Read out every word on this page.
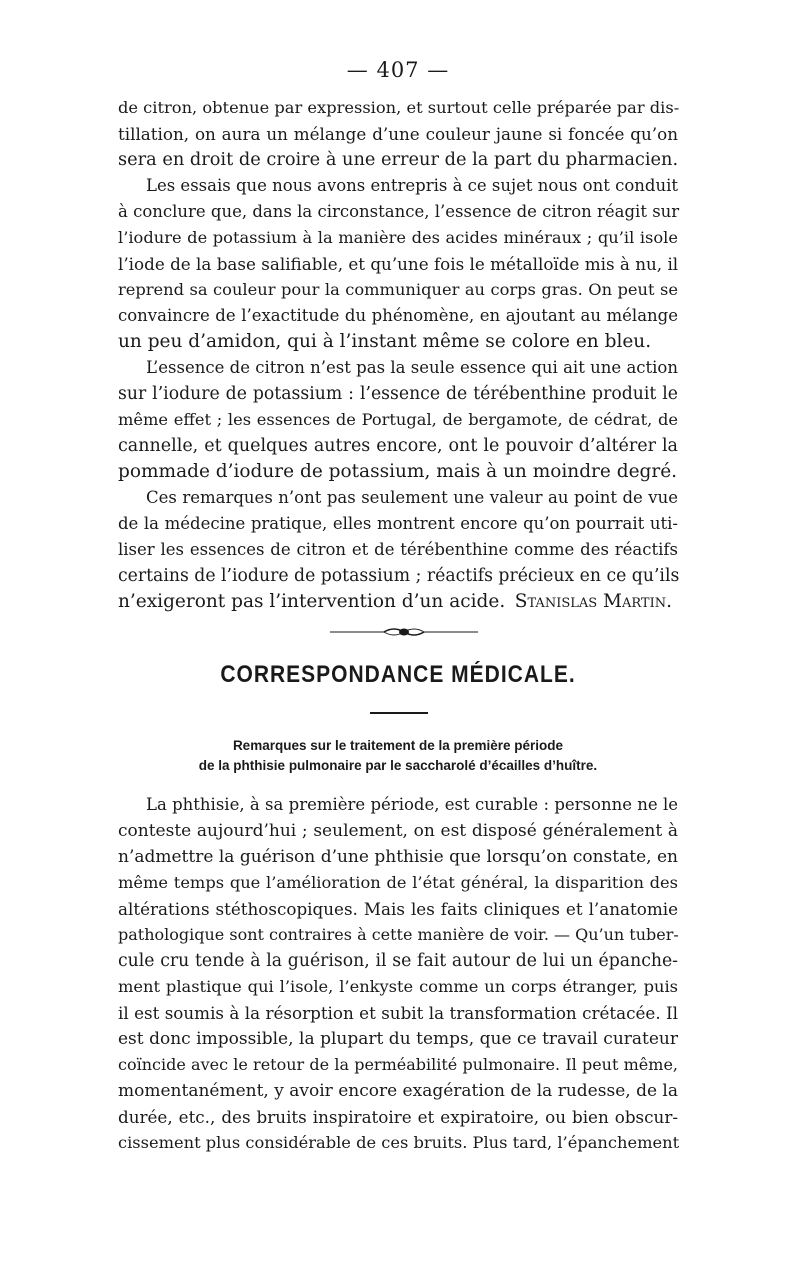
— 407 —
de citron, obtenue par expression, et surtout celle préparée par dis-
tillation, on aura un mélange d’une couleur jaune si foncée qu’on
sera en droit de croire à une erreur de la part du pharmacien.
Les essais que nous avons entrepris à ce sujet nous ont conduit
à conclure que, dans la circonstance, l’essence de citron réagit sur
l’iodure de potassium à la manière des acides minéraux ; qu’il isole
l’iode de la base salifiable, et qu’une fois le métalloïde mis à nu, il
reprend sa couleur pour la communiquer au corps gras. On peut se
convaincre de l’exactitude du phénomène, en ajoutant au mélange
un peu d’amidon, qui à l’instant même se colore en bleu.
L’essence de citron n’est pas la seule essence qui ait une action
sur l’iodure de potassium : l’essence de térébenthine produit le
même effet ; les essences de Portugal, de bergamote, de cédrat, de
cannelle, et quelques autres encore, ont le pouvoir d’altérer la
pommade d’iodure de potassium, mais à un moindre degré.
Ces remarques n’ont pas seulement une valeur au point de vue
de la médecine pratique, elles montrent encore qu’on pourrait uti-
liser les essences de citron et de térébenthine comme des réactifs
certains de l’iodure de potassium ; réactifs précieux en ce qu’ils
n’exigeront pas l’intervention d’un acide. Stanislas Martin.
CORRESPONDANCE MÉDICALE.
Remarques sur le traitement de la première période
de la phthisie pulmonaire par le saccharolé d’écailles d’huître.
La phthisie, à sa première période, est curable : personne ne le
conteste aujourd’hui ; seulement, on est disposé généralement à
n’admettre la guérison d’une phthisie que lorsqu’on constate, en
même temps que l’amélioration de l’état général, la disparition des
altérations stéthoscopiques. Mais les faits cliniques et l’anatomie
pathologique sont contraires à cette manière de voir. — Qu’un tuber-
cule cru tende à la guérison, il se fait autour de lui un épanche-
ment plastique qui l’isole, l’enkyste comme un corps étranger, puis
il est soumis à la résorption et subit la transformation crétacée. Il
est donc impossible, la plupart du temps, que ce travail curateur
coïncide avec le retour de la perméabilité pulmonaire. Il peut même,
momentanément, y avoir encore exagération de la rudesse, de la
durée, etc., des bruits inspiratoire et expiratoire, ou bien obscur-
cissement plus considérable de ces bruits. Plus tard, l’épanchement
